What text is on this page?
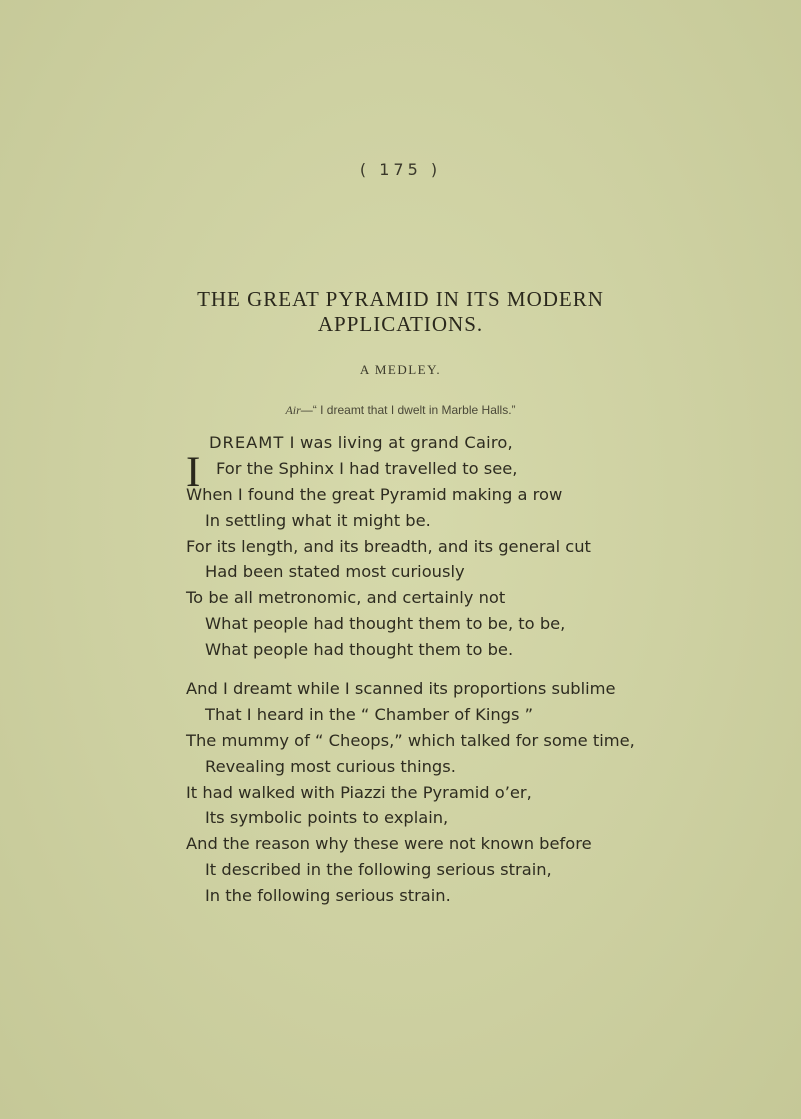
( 175 )
THE GREAT PYRAMID IN ITS MODERN
APPLICATIONS.
A MEDLEY.
Air—“ I dreamt that I dwelt in Marble Halls.”
I
DREAMT I was living at grand Cairo,
For the Sphinx I had travelled to see,
When I found the great Pyramid making a row
In settling what it might be.
For its length, and its breadth, and its general cut
Had been stated most curiously
To be all metronomic, and certainly not
What people had thought them to be, to be,
What people had thought them to be.
And I dreamt while I scanned its proportions sublime
That I heard in the “ Chamber of Kings ”
The mummy of “ Cheops,” which talked for some time,
Revealing most curious things.
It had walked with Piazzi the Pyramid o’er,
Its symbolic points to explain,
And the reason why these were not known before
It described in the following serious strain,
In the following serious strain.
